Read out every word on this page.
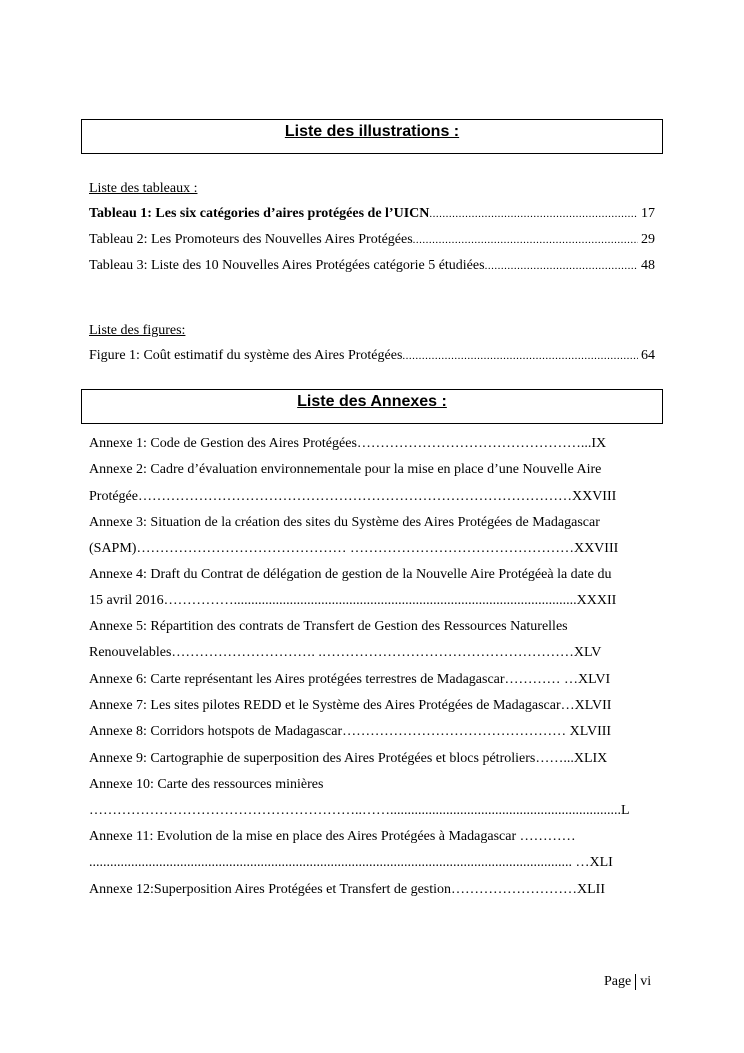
Liste des illustrations :
Liste des tableaux :
Tableau 1: Les six catégories d’aires protégées de l’UICN .....	17
Tableau 2: Les Promoteurs des Nouvelles Aires Protégées .....	29
Tableau 3: Liste des 10 Nouvelles Aires Protégées catégorie 5 étudiées .....	48
Liste des figures:
Figure 1: Coût estimatif du système des Aires Protégées .....	64
Liste des Annexes :
Annexe 1: Code de Gestion des Aires Protégées…………………………………………...IX
Annexe 2: Cadre d’évaluation environnementale pour la mise en place d’une Nouvelle Aire
Protégée…………………………………………………………………………………XXVIII
Annexe 3: Situation de la création des sites du Système des Aires Protégées de Madagascar
(SAPM)……………………………………… …………………………………………XXVIII
Annexe 4: Draft du Contrat de délégation de gestion de la Nouvelle Aire Protégéeà la date du
15 avril 2016……………..................................................................................................XXXII
Annexe 5: Répartition des contrats de Transfert de Gestion des Ressources Naturelles
Renouvelables…………………………. .………………………………………………XLV
Annexe 6: Carte représentant les Aires protégées terrestres de Madagascar………… …XLVI
Annexe 7: Les sites pilotes REDD et le Système des Aires Protégées de Madagascar…XLVII
Annexe 8: Corridors hotspots de Madagascar………………………………………… XLVIII
Annexe 9: Cartographie de superposition des Aires Protégées et blocs pétroliers……...XLIX
Annexe 10: Carte des ressources minières
…………………………………………………..……..................................................................L
Annexe 11: Evolution de la mise en place des Aires Protégées à Madagascar …………
.......................................................................................................................................... …XLI
Annexe 12:Superposition Aires Protégées et Transfert de gestion………………………XLII
Page vi
